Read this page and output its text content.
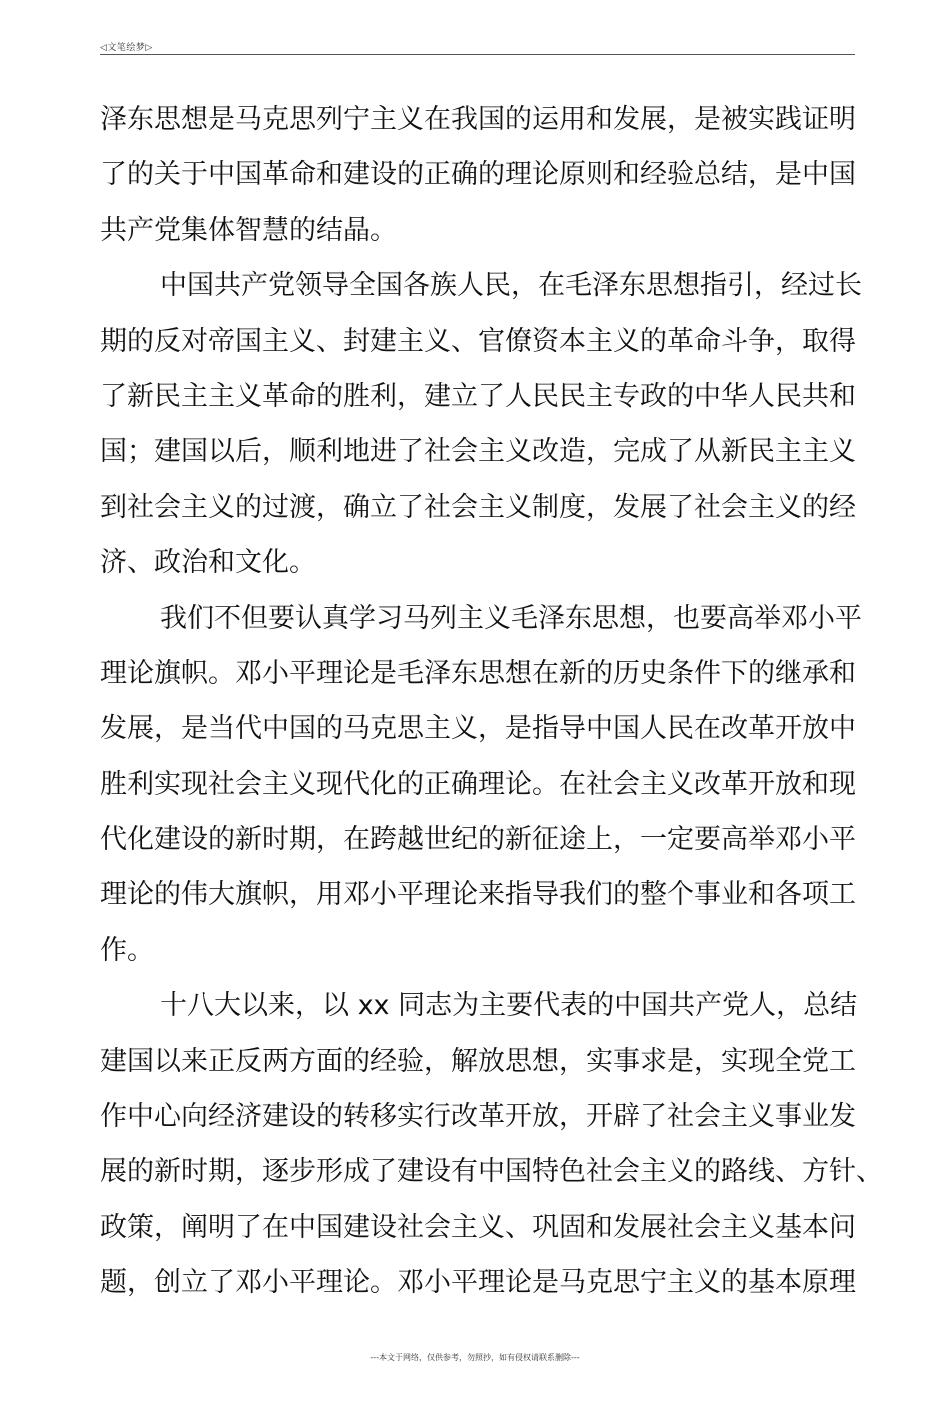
◁文笔绘梦▷
泽东思想是马克思列宁主义在我国的运用和发展，是被实践证明
了的关于中国革命和建设的正确的理论原则和经验总结，是中国
共产党集体智慧的结晶。
中国共产党领导全国各族人民，在毛泽东思想指引，经过长
期的反对帝国主义、封建主义、官僚资本主义的革命斗争，取得
了新民主主义革命的胜利，建立了人民民主专政的中华人民共和
国；建国以后，顺利地进了社会主义改造，完成了从新民主主义
到社会主义的过渡，确立了社会主义制度，发展了社会主义的经
济、政治和文化。
我们不但要认真学习马列主义毛泽东思想，也要高举邓小平
理论旗帜。邓小平理论是毛泽东思想在新的历史条件下的继承和
发展，是当代中国的马克思主义，是指导中国人民在改革开放中
胜利实现社会主义现代化的正确理论。在社会主义改革开放和现
代化建设的新时期，在跨越世纪的新征途上，一定要高举邓小平
理论的伟大旗帜，用邓小平理论来指导我们的整个事业和各项工
作。
十八大以来，以 xx 同志为主要代表的中国共产党人，总结
建国以来正反两方面的经验，解放思想，实事求是，实现全党工
作中心向经济建设的转移实行改革开放，开辟了社会主义事业发
展的新时期，逐步形成了建设有中国特色社会主义的路线、方针、
政策，阐明了在中国建设社会主义、巩固和发展社会主义基本问
题，创立了邓小平理论。邓小平理论是马克思宁主义的基本原理
---本文于网络，仅供参考，勿照抄，如有侵权请联系删除---
